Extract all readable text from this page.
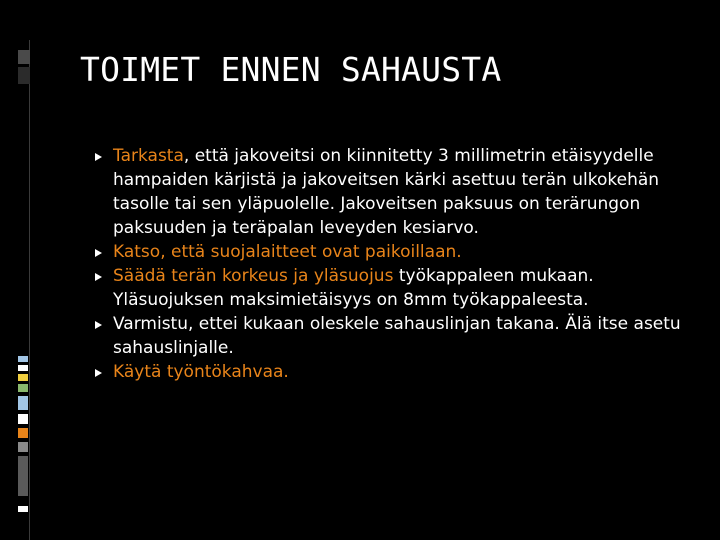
TOIMET ENNEN SAHAUSTA
Tarkasta, että jakoveitsi on kiinnitetty 3 millimetrin etäisyydelle hampaiden kärjistä ja jakoveitsen kärki asettuu terän ulkokehän tasolle tai sen yläpuolelle. Jakoveitsen paksuus on terärungon paksuuden ja teräpalan leveyden kesiarvo.
Katso, että suojalaitteet ovat paikoillaan.
Säädä terän korkeus ja yläsuojus työkappaleen mukaan. Yläsuojuksen maksimietäisyys on 8mm työkappaleesta.
Varmistu, ettei kukaan oleskele sahauslinjan takana. Älä itse asetu sahauslinjalle.
Käytä työntökahvaa.
